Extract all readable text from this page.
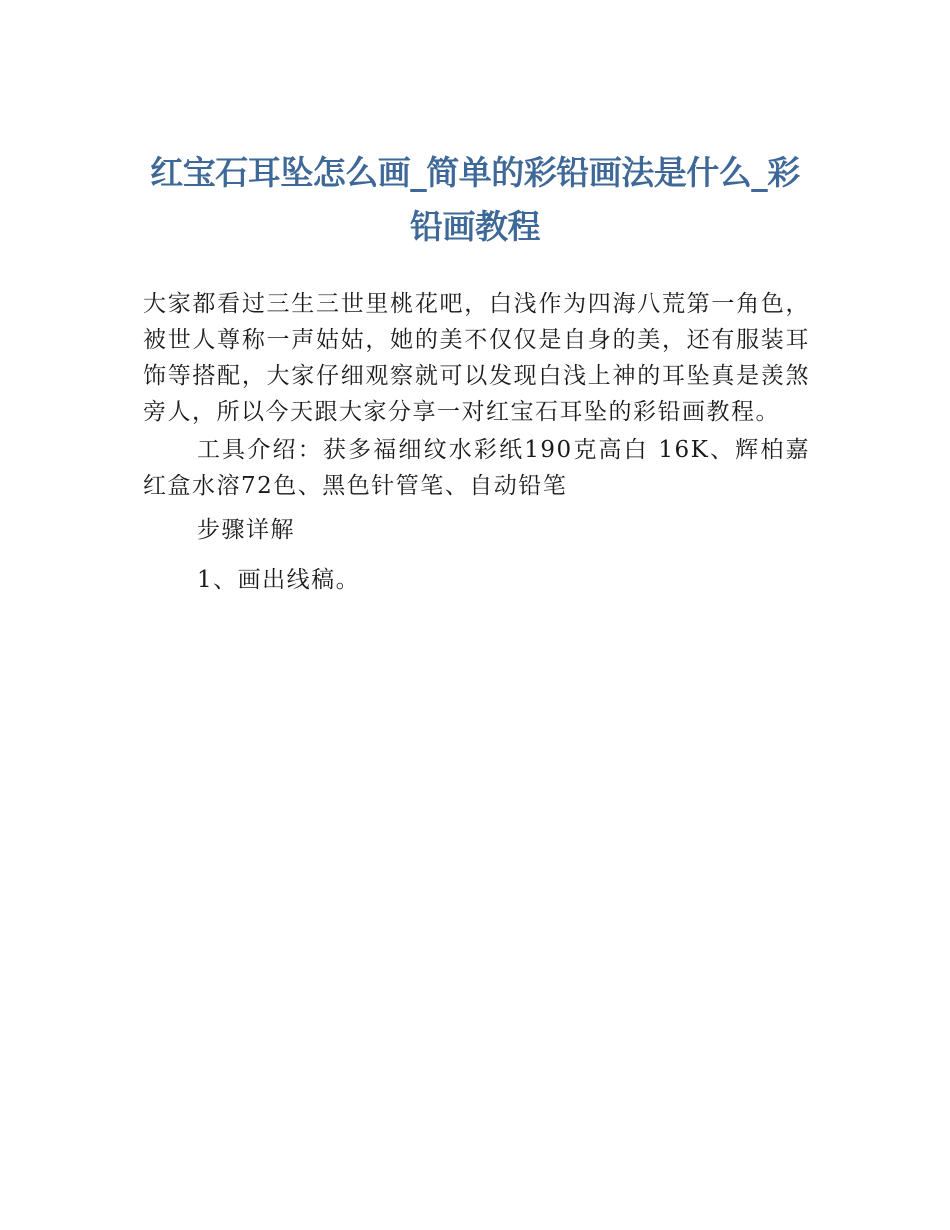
红宝石耳坠怎么画_简单的彩铅画法是什么_彩铅画教程

大家都看过三生三世里桃花吧，白浅作为四海八荒第一角色，被世人尊称一声姑姑，她的美不仅仅是自身的美，还有服装耳饰等搭配，大家仔细观察就可以发现白浅上神的耳坠真是羡煞旁人，所以今天跟大家分享一对红宝石耳坠的彩铅画教程。

工具介绍：获多福细纹水彩纸190克高白 16K、辉柏嘉红盒水溶72色、黑色针管笔、自动铅笔

步骤详解

1、画出线稿。
